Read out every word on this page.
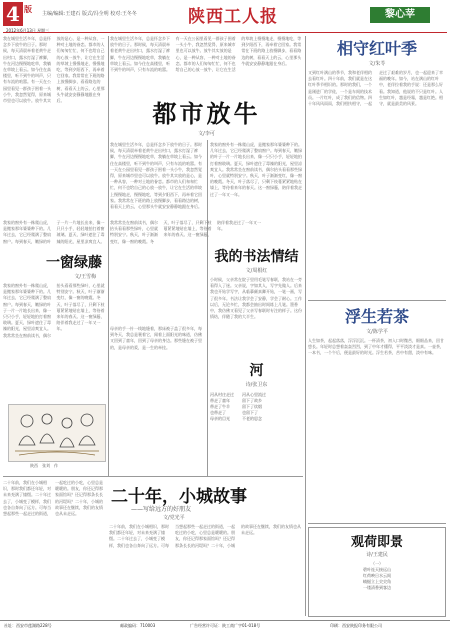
4 版 主编/编辑:王建石 版式/冯全明 校对:王冬冬
2012年6月13日 星期三
陕西工人报	黎心苹
我在城里生活多年，总是怀念乡下放牛的日子。那时候，每天清晨牵着老黄牛走出村口，露水打湿了裤脚，牛在河边慢慢地吃草，我躺在草坡上看云。如今住在高楼里，听不到牛的叫声，只有车流的喧嚣。有一天在公园里看见一群孩子围着一头小牛，我忽然觉得，原来城市里也可以放牛。放牛其实放的是心，是一种从容，一种对土地的眷恋。都市的人们匆匆忙忙，何不也给自己的心放一放牛，让它在生活的草坡上慢慢地走，慢慢地吃，等到夕阳西下，再牵着它回家。我常常在下班的路上放慢脚步，看看路边的树，看看天上的云，心里那头牛就安安静静地跟在身后。
我在城里生活多年，总是怀念乡下放牛的日子。那时候，每天清晨牵着老黄牛走出村口，露水打湿了裤脚，牛在河边慢慢地吃草，我躺在草坡上看云。如今住在高楼里，听不到牛的叫声，只有车流的喧嚣。有一天在公园里看见一群孩子围着一头小牛，我忽然觉得，原来城市里也可以放牛。放牛其实放的是心，是一种从容，一种对土地的眷恋。都市的人们匆匆忙忙，何不也给自己的心放一放牛，让它在生活的草坡上慢慢地走，慢慢地吃，等到夕阳西下，再牵着它回家。我常常在下班的路上放慢脚步，看看路边的树，看看天上的云，心里那头牛就安安静静地跟在身后。
都市放牛
文/李可
我家的窗外有一株爬山虎，是搬家那年婆婆种下的。几年过去，它已经爬满了整扇窗户。每到春天，嫩绿的叶子一片一片地长出来，像一只只小手，轻轻地拍打着窗玻璃。夏天，绿叶遮住了毒辣的阳光，屋里凉爽宜人。我常常坐在窗前读书，偶尔抬头看看那些绿叶，心里就特别安宁。秋天，叶子渐渐变红，像一窗的晚霞。冬天，叶子落尽了，只剩下枝蔓紧紧地贴在墙上，等待着来年的春天。这一窗绿藤，陪伴着我走过了一年又一年。
一窗绿藤
文/王雪梅
我家的窗外有一株爬山虎，是搬家那年婆婆种下的。几年过去，它已经爬满了整扇窗户。每到春天，嫩绿的叶子一片一片地长出来，像一只只小手，轻轻地拍打着窗玻璃。夏天，绿叶遮住了毒辣的阳光，屋里凉爽宜人。我常常坐在窗前读书，偶尔抬头看看那些绿叶，心里就特别安宁。秋天，叶子渐渐变红，像一窗的晚霞。冬天，叶子落尽了，只剩下枝蔓紧紧地贴在墙上，等待着来年的春天。这一窗绿藤，陪伴着我走过了一年又一年。
我在城里生活多年，总是怀念乡下放牛的日子。那时候，每天清晨牵着老黄牛走出村口，露水打湿了裤脚，牛在河边慢慢地吃草，我躺在草坡上看云。如今住在高楼里，听不到牛的叫声，只有车流的喧嚣。有一天在公园里看见一群孩子围着一头小牛，我忽然觉得，原来城市里也可以放牛。放牛其实放的是心，是一种从容，一种对土地的眷恋。都市的人们匆匆忙忙，何不也给自己的心放一放牛，让它在生活的草坡上慢慢地走，慢慢地吃，等到夕阳西下，再牵着它回家。我常常在下班的路上放慢脚步，看看路边的树，看看天上的云，心里那头牛就安安静静地跟在身后。
我家的窗外有一株爬山虎，是搬家那年婆婆种下的。几年过去，它已经爬满了整扇窗户。每到春天，嫩绿的叶子一片一片地长出来，像一只只小手，轻轻地拍打着窗玻璃。夏天，绿叶遮住了毒辣的阳光，屋里凉爽宜人。我常常坐在窗前读书，偶尔抬头看看那些绿叶，心里就特别安宁。秋天，叶子渐渐变红，像一窗的晚霞。冬天，叶子落尽了，只剩下枝蔓紧紧地贴在墙上，等待着来年的春天。这一窗绿藤，陪伴着我走过了一年又一年。
陕西　张刘　作
母亲的手一针一线地缝着，那床被子盖了很多年，每到冬天，我总是裹着它，闻着上面阳光的味道，仿佛又回到了童年，回到了母亲的身边。那些缝在被子里的，是母亲的爱，是一生的牵挂。
我的书法情结
文/周根红
小时候，父亲常在院子里用毛笔写春联，我站在一旁看得入了迷。父亲说，字如其人，写字先做人。后来我也开始学写字，从临摹颜真卿开始，一笔一画，写了很多年。书法让我学会了安静，学会了耐心。工作以后，无论多忙，我都会抽出时间练上几笔。墨香中，我仿佛又看见了父亲写春联时专注的样子。这份情结，伴随了我的大半生。
河
诗/张卫东
河从村庄走过
带走了童年
带走了牛羊
也带走了
母亲的目光
河从心里流过
留下了故乡
留下了炊烟
也留下了
不老的思念
二十年前，我们在小城相识，那时我们都还年轻，对未来充满了憧憬。二十年过去了，小城变了模样，我们也各自奔向了远方。可每当想起那些一起走过的街道，一起吃过的小吃，心里总是暖暖的。朋友，你还记得那家面馆吗？还记得那条长长的河堤吗？二十年，小城的故事还在继续，我们的友情也从未走远。
二十年，小城故事
——写给远方的好朋友
文/党光平
二十年前，我们在小城相识，那时我们都还年轻，对未来充满了憧憬。二十年过去了，小城变了模样，我们也各自奔向了远方。可每当想起那些一起走过的街道，一起吃过的小吃，心里总是暖暖的。朋友，你还记得那家面馆吗？还记得那条长长的河堤吗？二十年，小城的故事还在继续，我们的友情也从未走远。
相守红叶季
文/朱苓
又到红叶满山的季节，我和老伴相约去看红叶。四十年前，我们就是在这红叶季节相识的。那时的我们，一个是刚进厂的学徒，一个是车间的技术员。一片红叶，成了我们的信物。四十年风风雨雨，我们相扶相守，一起走过了艰难的岁月，也一起迎来了幸福的晚年。如今，站在满山的红叶中，老伴拉着我的手说：还是那么好看。我知道，他说的不只是红叶。人生如红叶，越是经霜，越是红艳。相守，就是最美的风景。
浮生若茶
文/陈学平
人生如茶，起起落落，浮浮沉沉。一杯清茶，初入口时微苦，细细品来，回甘悠长。年轻时总想着轰轰烈烈，到了中年才懂得，平平淡淡才是真。一壶茶，一本书，一个午后，便是最好的时光。浮生若茶，苦中有甜，淡中有味。
观荷即景
诗/王建民
（一）
碧叶连天接远山
红荷映日水云间
蜻蜓立上尖尖角
一缕清香到客边
社址：西安市莲湖路228号	邮政编码：710003	广告经营许可证：陕工商广字01-018号	印刷：西安陕报印务有限公司
